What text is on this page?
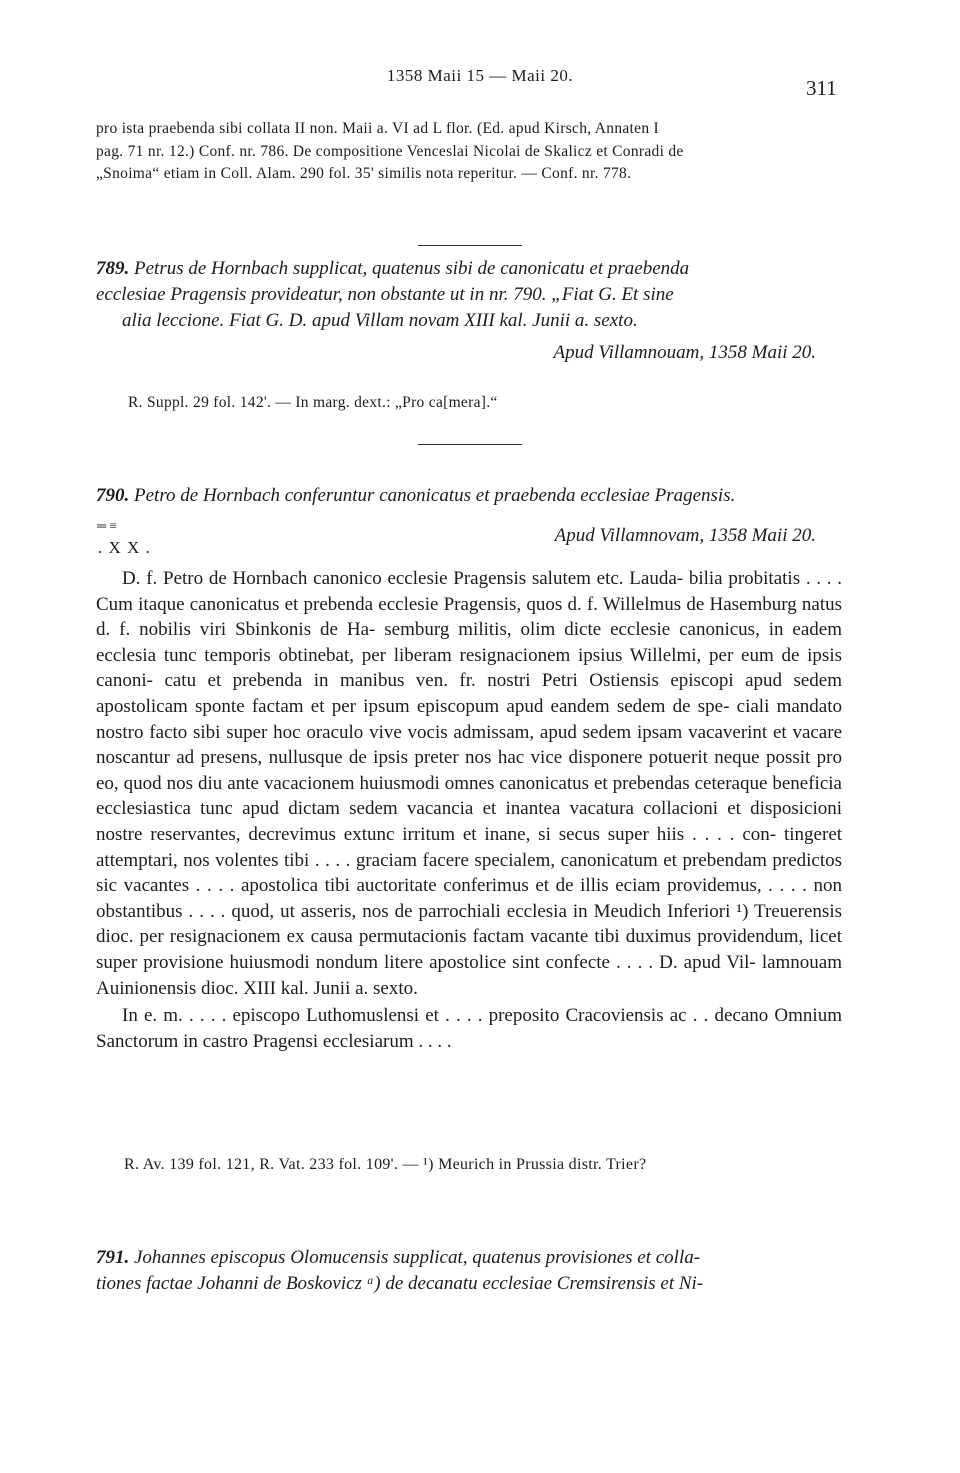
1358 Maii 15 — Maii 20.
311
pro ista praebenda sibi collata II non. Maii a. VI ad L flor. (Ed. apud Kirsch, Annaten I
pag. 71 nr. 12.) Conf. nr. 786. De compositione Venceslai Nicolai de Skalicz et Conradi de
„Snoima“ etiam in Coll. Alam. 290 fol. 35' similis nota reperitur. — Conf. nr. 778.
789. Petrus de Hornbach supplicat, quatenus sibi de canonicatu et praebenda
ecclesiae Pragensis provideatur, non obstante ut in nr. 790. „Fiat G. Et sine
alia leccione. Fiat G. D. apud Villam novam XIII kal. Junii a. sexto.
Apud Villamnouam, 1358 Maii 20.
R. Suppl. 29 fol. 142'. — In marg. dext.: „Pro ca[mera].“
790. Petro de Hornbach conferuntur canonicatus et praebenda ecclesiae Pragensis.
. X X .
═ ≡	Apud Villamnovam, 1358 Maii 20.

D. f. Petro de Hornbach canonico ecclesie Pragensis salutem etc. Lauda- bilia probitatis . . . . Cum itaque canonicatus et prebenda ecclesie Pragensis, quos d. f. Willelmus de Hasemburg natus d. f. nobilis viri Sbinkonis de Ha- semburg militis, olim dicte ecclesie canonicus, in eadem ecclesia tunc temporis obtinebat, per liberam resignacionem ipsius Willelmi, per eum de ipsis canoni- catu et prebenda in manibus ven. fr. nostri Petri Ostiensis episcopi apud sedem apostolicam sponte factam et per ipsum episcopum apud eandem sedem de spe- ciali mandato nostro facto sibi super hoc oraculo vive vocis admissam, apud sedem ipsam vacaverint et vacare noscantur ad presens, nullusque de ipsis preter nos hac vice disponere potuerit neque possit pro eo, quod nos diu ante vacacionem huiusmodi omnes canonicatus et prebendas ceteraque beneficia ecclesiastica tunc apud dictam sedem vacancia et inantea vacatura collacioni et disposicioni nostre reservantes, decrevimus extunc irritum et inane, si secus super hiis . . . . con- tingeret attemptari, nos volentes tibi . . . . graciam facere specialem, canonicatum et prebendam predictos sic vacantes . . . . apostolica tibi auctoritate conferimus et de illis eciam providemus, . . . . non obstantibus . . . . quod, ut asseris, nos de parrochiali ecclesia in Meudich Inferiori ¹) Treuerensis dioc. per resignacionem ex causa permutacionis factam vacante tibi duximus providendum, licet super provisione huiusmodi nondum litere apostolice sint confecte . . . . D. apud Vil- lamnouam Auinionensis dioc. XIII kal. Junii a. sexto.

In e. m. . . . . episcopo Luthomuslensi et . . . . preposito Cracoviensis ac . . decano Omnium Sanctorum in castro Pragensi ecclesiarum . . . .

R. Av. 139 fol. 121, R. Vat. 233 fol. 109'. — ¹) Meurich in Prussia distr. Trier?
791. Johannes episcopus Olomucensis supplicat, quatenus provisiones et colla-
tiones factae Johanni de Boskovicz ᵃ) de decanatu ecclesiae Cremsirensis et Ni-
